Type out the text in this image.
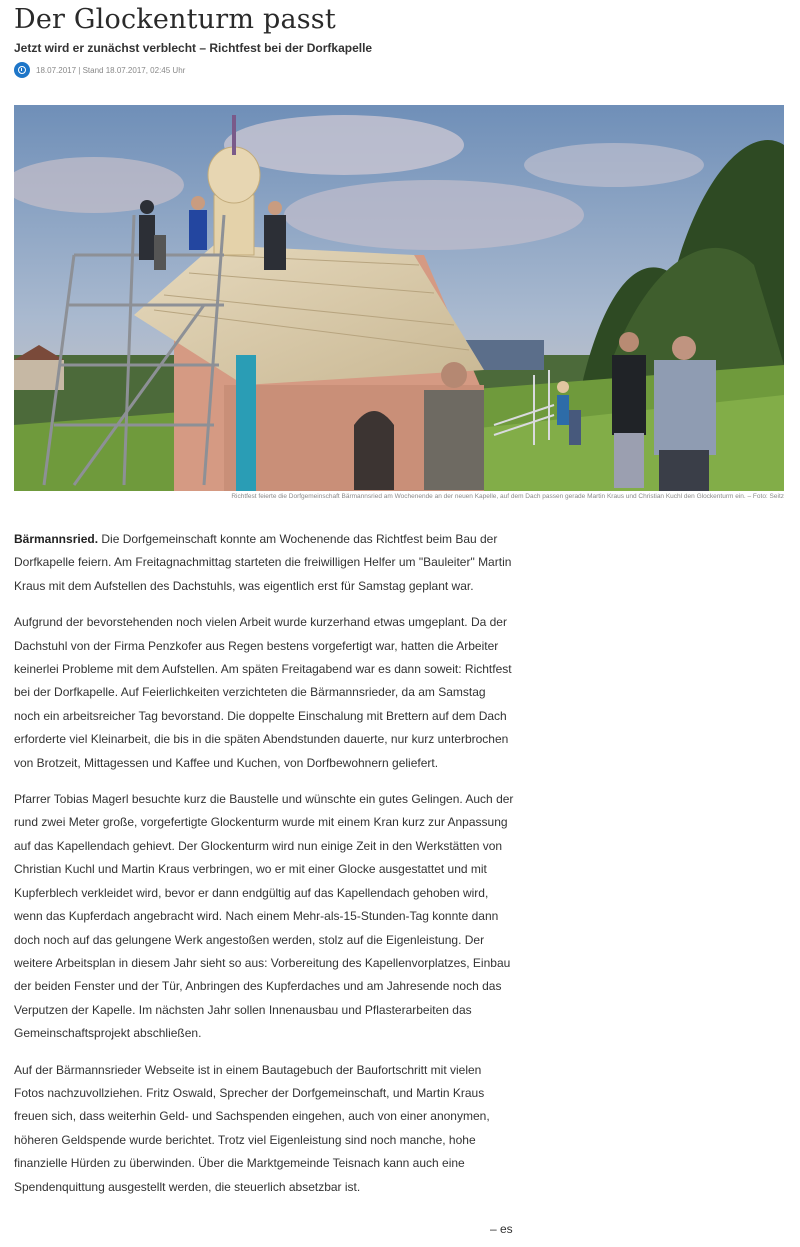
Der Glockenturm passt
Jetzt wird er zunächst verblecht – Richtfest bei der Dorfkapelle
18.07.2017 | Stand 18.07.2017, 02:45 Uhr
Richtfest feierte die Dorfgemeinschaft Bärmannsried am Wochenende an der neuen Kapelle, auf dem Dach passen gerade Martin Kraus und Christian Kuchl den Glockenturm ein. – Foto: Seitz

Bärmannsried. Die Dorfgemeinschaft konnte am Wochenende das Richtfest beim Bau der Dorfkapelle feiern. Am Freitagnachmittag starteten die freiwilligen Helfer um "Bauleiter" Martin Kraus mit dem Aufstellen des Dachstuhls, was eigentlich erst für Samstag geplant war.

Aufgrund der bevorstehenden noch vielen Arbeit wurde kurzerhand etwas umgeplant. Da der Dachstuhl von der Firma Penzkofer aus Regen bestens vorgefertigt war, hatten die Arbeiter keinerlei Probleme mit dem Aufstellen. Am späten Freitagabend war es dann soweit: Richtfest bei der Dorfkapelle. Auf Feierlichkeiten verzichteten die Bärmannsrieder, da am Samstag noch ein arbeitsreicher Tag bevorstand. Die doppelte Einschalung mit Brettern auf dem Dach erforderte viel Kleinarbeit, die bis in die späten Abendstunden dauerte, nur kurz unterbrochen von Brotzeit, Mittagessen und Kaffee und Kuchen, von Dorfbewohnern geliefert.

Pfarrer Tobias Magerl besuchte kurz die Baustelle und wünschte ein gutes Gelingen. Auch der rund zwei Meter große, vorgefertigte Glockenturm wurde mit einem Kran kurz zur Anpassung auf das Kapellendach gehievt. Der Glockenturm wird nun einige Zeit in den Werkstätten von Christian Kuchl und Martin Kraus verbringen, wo er mit einer Glocke ausgestattet und mit Kupferblech verkleidet wird, bevor er dann endgültig auf das Kapellendach gehoben wird, wenn das Kupferdach angebracht wird. Nach einem Mehr-als-15-Stunden-Tag konnte dann doch noch auf das gelungene Werk angestoßen werden, stolz auf die Eigenleistung. Der weitere Arbeitsplan in diesem Jahr sieht so aus: Vorbereitung des Kapellenvorplatzes, Einbau der beiden Fenster und der Tür, Anbringen des Kupferdaches und am Jahresende noch das Verputzen der Kapelle. Im nächsten Jahr sollen Innenausbau und Pflasterarbeiten das Gemeinschaftsprojekt abschließen.

Auf der Bärmannsrieder Webseite ist in einem Bautagebuch der Baufortschritt mit vielen Fotos nachzuvollziehen. Fritz Oswald, Sprecher der Dorfgemeinschaft, und Martin Kraus freuen sich, dass weiterhin Geld- und Sachspenden eingehen, auch von einer anonymen, höheren Geldspende wurde berichtet. Trotz viel Eigenleistung sind noch manche, hohe finanzielle Hürden zu überwinden. Über die Marktgemeinde Teisnach kann auch eine Spendenquittung ausgestellt werden, die steuerlich absetzbar ist.

– es
